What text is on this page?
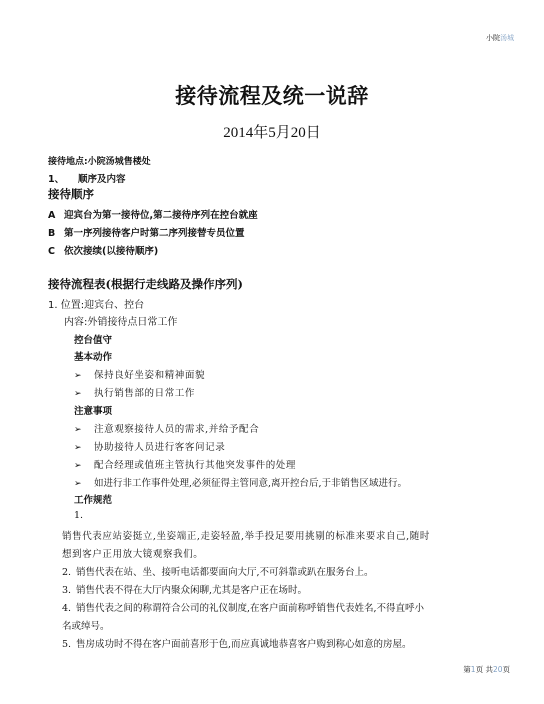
小院汤城
接待流程及统一说辞
2014年5月20日
接待地点:小院汤城售楼处
1、 顺序及内容
接待顺序
A 迎宾台为第一接待位,第二接待序列在控台就座
B 第一序列接待客户时第二序列接替专员位置
C 依次接续(以接待顺序)
接待流程表(根据行走线路及操作序列)
1. 位置:迎宾台、控台
内容:外销接待点日常工作
控台值守
基本动作
➢ 保持良好坐姿和精神面貌
➢ 执行销售部的日常工作
注意事项
➢ 注意观察接待人员的需求,并给予配合
➢ 协助接待人员进行客客问记录
➢ 配合经理或值班主管执行其他突发事件的处理
➢ 如进行非工作事件处理,必须征得主管同意,离开控台后,于非销售区域进行。
工作规范
1.
销售代表应站姿挺立,坐姿端正,走姿轻盈,举手投足要用挑剔的标准来要求自己,随时
想到客户正用放大镜观察我们。
2. 销售代表在站、坐、接听电话都要面向大厅,不可斜靠或趴在服务台上。
3. 销售代表不得在大厅内聚众闲聊,尤其是客户正在场时。
4. 销售代表之间的称谓符合公司的礼仪制度,在客户面前称呼销售代表姓名,不得直呼小
名或绰号。
5. 售房成功时不得在客户面前喜形于色,而应真诚地恭喜客户购到称心如意的房屋。
第1页 共20页
